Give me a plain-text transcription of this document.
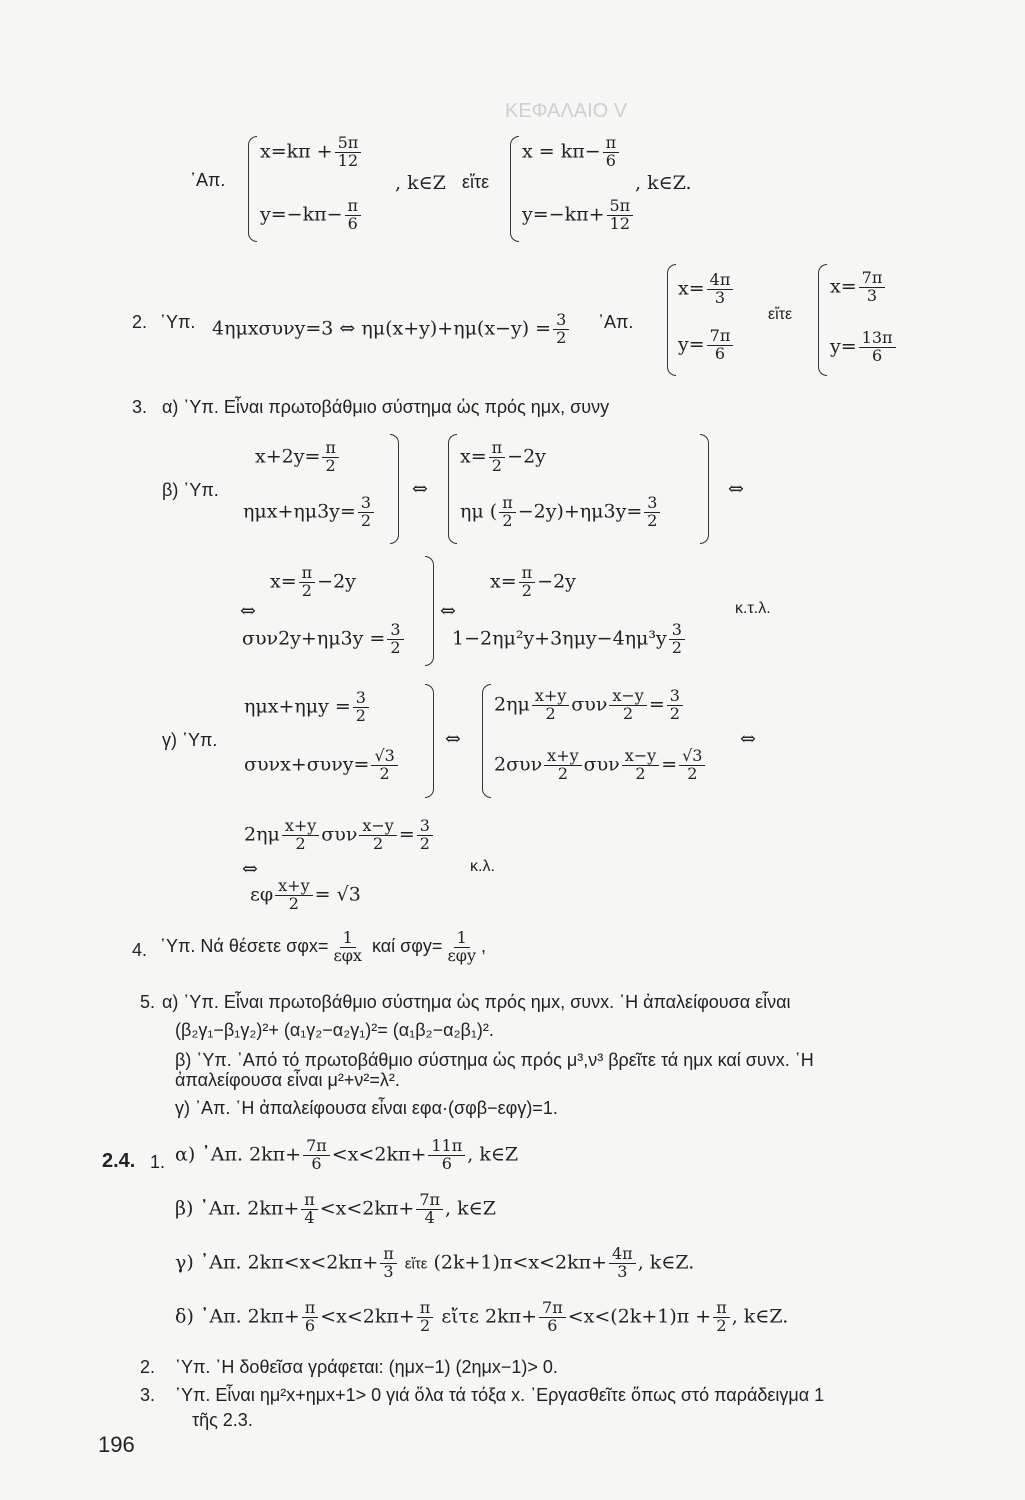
ΚΕΦΑΛΑΙΟ V
᾿Απ.
$x=k\pi + \frac{5\pi}{12}$
$y=-k\pi- \frac{\pi}{6}$
, k∈Z εἴτε
$x = k\pi- \frac{\pi}{6}$
$y=-k\pi+ \frac{5\pi}{12}$
, k∈Z.
2. ῾Υπ. 4ημxσυνy=3 ⇔ $\eta\mu(x+y)+\eta\mu(x-y) = \frac{3}{2}$ ᾿Απ.
$x= \frac{4\pi}{3}$
$y= \frac{7\pi}{6}$
εἴτε
$x= \frac{7\pi}{3}$
$y= \frac{13\pi}{6}$
3. α) ῾Υπ. Εἶναι πρωτοβάθμιο σύστημα ὡς πρός ημx, συνy
β) ῾Υπ.
$x+2y= \frac{\pi}{2}$
$\eta\mu x+\eta\mu 3y= \frac{3}{2}$
⇔
$x= \frac{\pi}{2} -2y$
ημ ( $\frac{\pi}{2} -2y)+\eta\mu 3y= \frac{3}{2}$
⇔
⇔
$x= \frac{\pi}{2} -2y$
$\sigma\upsilon\nu 2y+\eta\mu 3y = \frac{3}{2}$
⇔
$x= \frac{\pi}{2} -2y$
$1-2\eta\mu^2y+3\eta\mu y-4\eta\mu^3y \frac{3}{2}$
κ.τ.λ.
γ) ῾Υπ.
$\eta\mu x+\eta\mu y = \frac{3}{2}$
$\sigma\upsilon\nu x+\sigma\upsilon\nu y= \frac{√3}{2}$
⇔
$2\eta\mu \frac{x+y}{2}$ συν $\frac{x-y}{2} = \frac{3}{2}$
$2\sigma\upsilon\nu \frac{x+y}{2}$ συν $\frac{x-y}{2} = \frac{√3}{2}$
⇔
$2\eta\mu \frac{x+y}{2}$ συν $\frac{x-y}{2} = \frac{3}{2}$
⇔	κ.λ.
εφ $\frac{x+y}{2} = √3$
4. ῾Υπ. Νά θέσετε $\sigma\varphi x= \frac{1}{\text{εφx}}$ καί $\sigma\varphi y= \frac{1}{\text{εφy}}$ ,
5. α) ῾Υπ. Εἶναι πρωτοβάθμιο σύστημα ὡς πρός ημx, συνx. ῾Η ἀπαλείφουσα εἶναι
(β₂γ₁−β₁γ₂)²+ (α₁γ₂−α₂γ₁)²= (α₁β₂−α₂β₁)².
β) ῾Υπ. ᾿Από τό πρωτοβάθμιο σύστημα ὡς πρός μ³,ν³ βρεῖτε τά ημx καί συνx. ῾Η
ἀπαλείφουσα εἶναι μ²+ν²=λ².
γ) ᾿Απ. ῾Η ἀπαλείφουσα εἶναι εφα·(σφβ−εφγ)=1.
2.4. 1. α) ᾿Απ. $2k\pi+ \frac{7\pi}{6} <x<2k\pi+ \frac{11\pi}{6}$ , k∈Z
β) ᾿Απ. $2k\pi+ \frac{\pi}{4} <x<2k\pi+ \frac{7\pi}{4}$ , k∈Z
γ) ᾿Απ. $2k\pi<x<2k\pi+ \frac{\pi}{3}$ εἴτε $(2k+1)\pi<x<2k\pi+ \frac{4\pi}{3}$ , k∈Z.
δ) ᾿Απ. $2k\pi+ \frac{\pi}{6} <x<2k\pi+ \frac{\pi}{2}$ εἴτε $2k\pi+ \frac{7\pi}{6} <x<(2k+1)\pi + \frac{\pi}{2}$ , k∈Z.
2. ῾Υπ. ῾Η δοθεῖσα γράφεται: (ημx−1) (2ημx−1)> 0.
3. ῾Υπ. Εἶναι ημ²x+ημx+1> 0 γιά ὅλα τά τόξα x. ᾿Εργασθεῖτε ὅπως στό παράδειγμα 1
τῆς 2.3.
196
